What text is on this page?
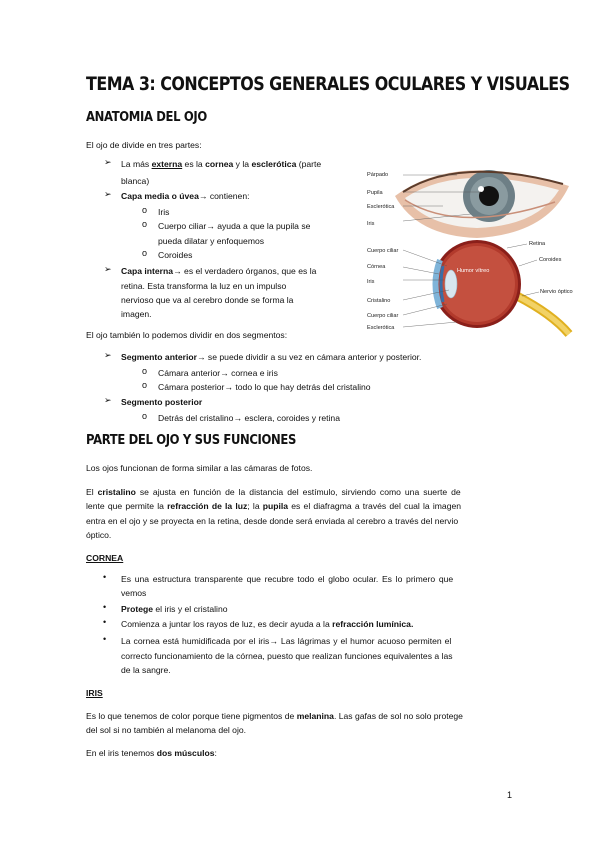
TEMA 3: CONCEPTOS GENERALES OCULARES Y VISUALES
ANATOMIA DEL OJO
El ojo de divide en tres partes:
➢ La más externa es la cornea y la esclerótica (parte
blanca)
➢ Capa media o úvea→ contienen:
o Iris
o Cuerpo ciliar→ ayuda a que la pupila se
pueda dilatar y enfoquemos
o Coroides
➢ Capa interna→ es el verdadero órganos, que es la
retina. Esta transforma la luz en un impulso
nervioso que va al cerebro donde se forma la
imagen.
El ojo también lo podemos dividir en dos segmentos:
➢ Segmento anterior→ se puede dividir a su vez en cámara anterior y posterior.
o Cámara anterior→ cornea e iris
o Cámara posterior→ todo lo que hay detrás del cristalino
➢ Segmento posterior
o Detrás del cristalino→ esclera, coroides y retina
PARTE DEL OJO Y SUS FUNCIONES
Los ojos funcionan de forma similar a las cámaras de fotos.
El cristalino se ajusta en función de la distancia del estímulo, sirviendo como una suerte de
lente que permite la refracción de la luz; la pupila es el diafragma a través del cual la imagen
entra en el ojo y se proyecta en la retina, desde donde será enviada al cerebro a través del nervio
óptico.
CORNEA
• Es una estructura transparente que recubre todo el globo ocular. Es lo primero que
vemos
• Protege el iris y el cristalino
• Comienza a juntar los rayos de luz, es decir ayuda a la refracción lumínica.
• La cornea está humidificada por el iris→ Las lágrimas y el humor acuoso permiten el
correcto funcionamiento de la córnea, puesto que realizan funciones equivalentes a las
de la sangre.
IRIS
Es lo que tenemos de color porque tiene pigmentos de melanina. Las gafas de sol no solo protege
del sol si no también al melanoma del ojo.
En el iris tenemos dos músculos:
1
Párpado
Pupila
Esclerótica
Iris
Cuerpo ciliar
Córnea
Iris
Cristalino
Cuerpo ciliar
Esclerótica
Humor vítreo
Retina
Coroides
Nervio óptico
